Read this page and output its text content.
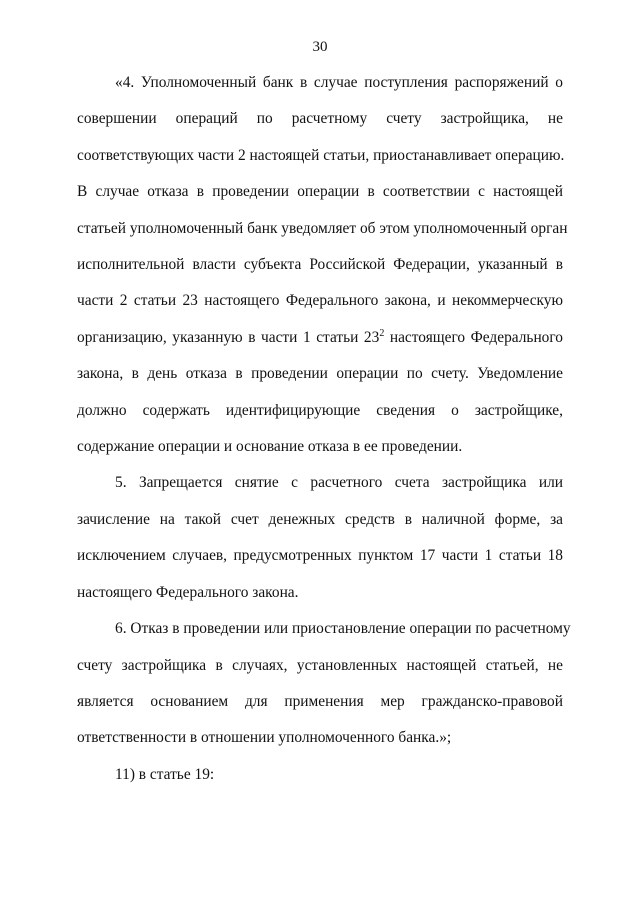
30
«4. Уполномоченный банк в случае поступления распоряжений о
совершении операций по расчетному счету застройщика, не
соответствующих части 2 настоящей статьи, приостанавливает операцию.
В случае отказа в проведении операции в соответствии с настоящей
статьей уполномоченный банк уведомляет об этом уполномоченный орган
исполнительной власти субъекта Российской Федерации, указанный в
части 2 статьи 23 настоящего Федерального закона, и некоммерческую
организацию, указанную в части 1 статьи $23^2$ настоящего Федерального
закона, в день отказа в проведении операции по счету. Уведомление
должно содержать идентифицирующие сведения о застройщике,
содержание операции и основание отказа в ее проведении.
5. Запрещается снятие с расчетного счета застройщика или
зачисление на такой счет денежных средств в наличной форме, за
исключением случаев, предусмотренных пунктом 17 части 1 статьи 18
настоящего Федерального закона.
6. Отказ в проведении или приостановление операции по расчетному
счету застройщика в случаях, установленных настоящей статьей, не
является основанием для применения мер гражданско-правовой
ответственности в отношении уполномоченного банка.»;
11) в статье 19:
